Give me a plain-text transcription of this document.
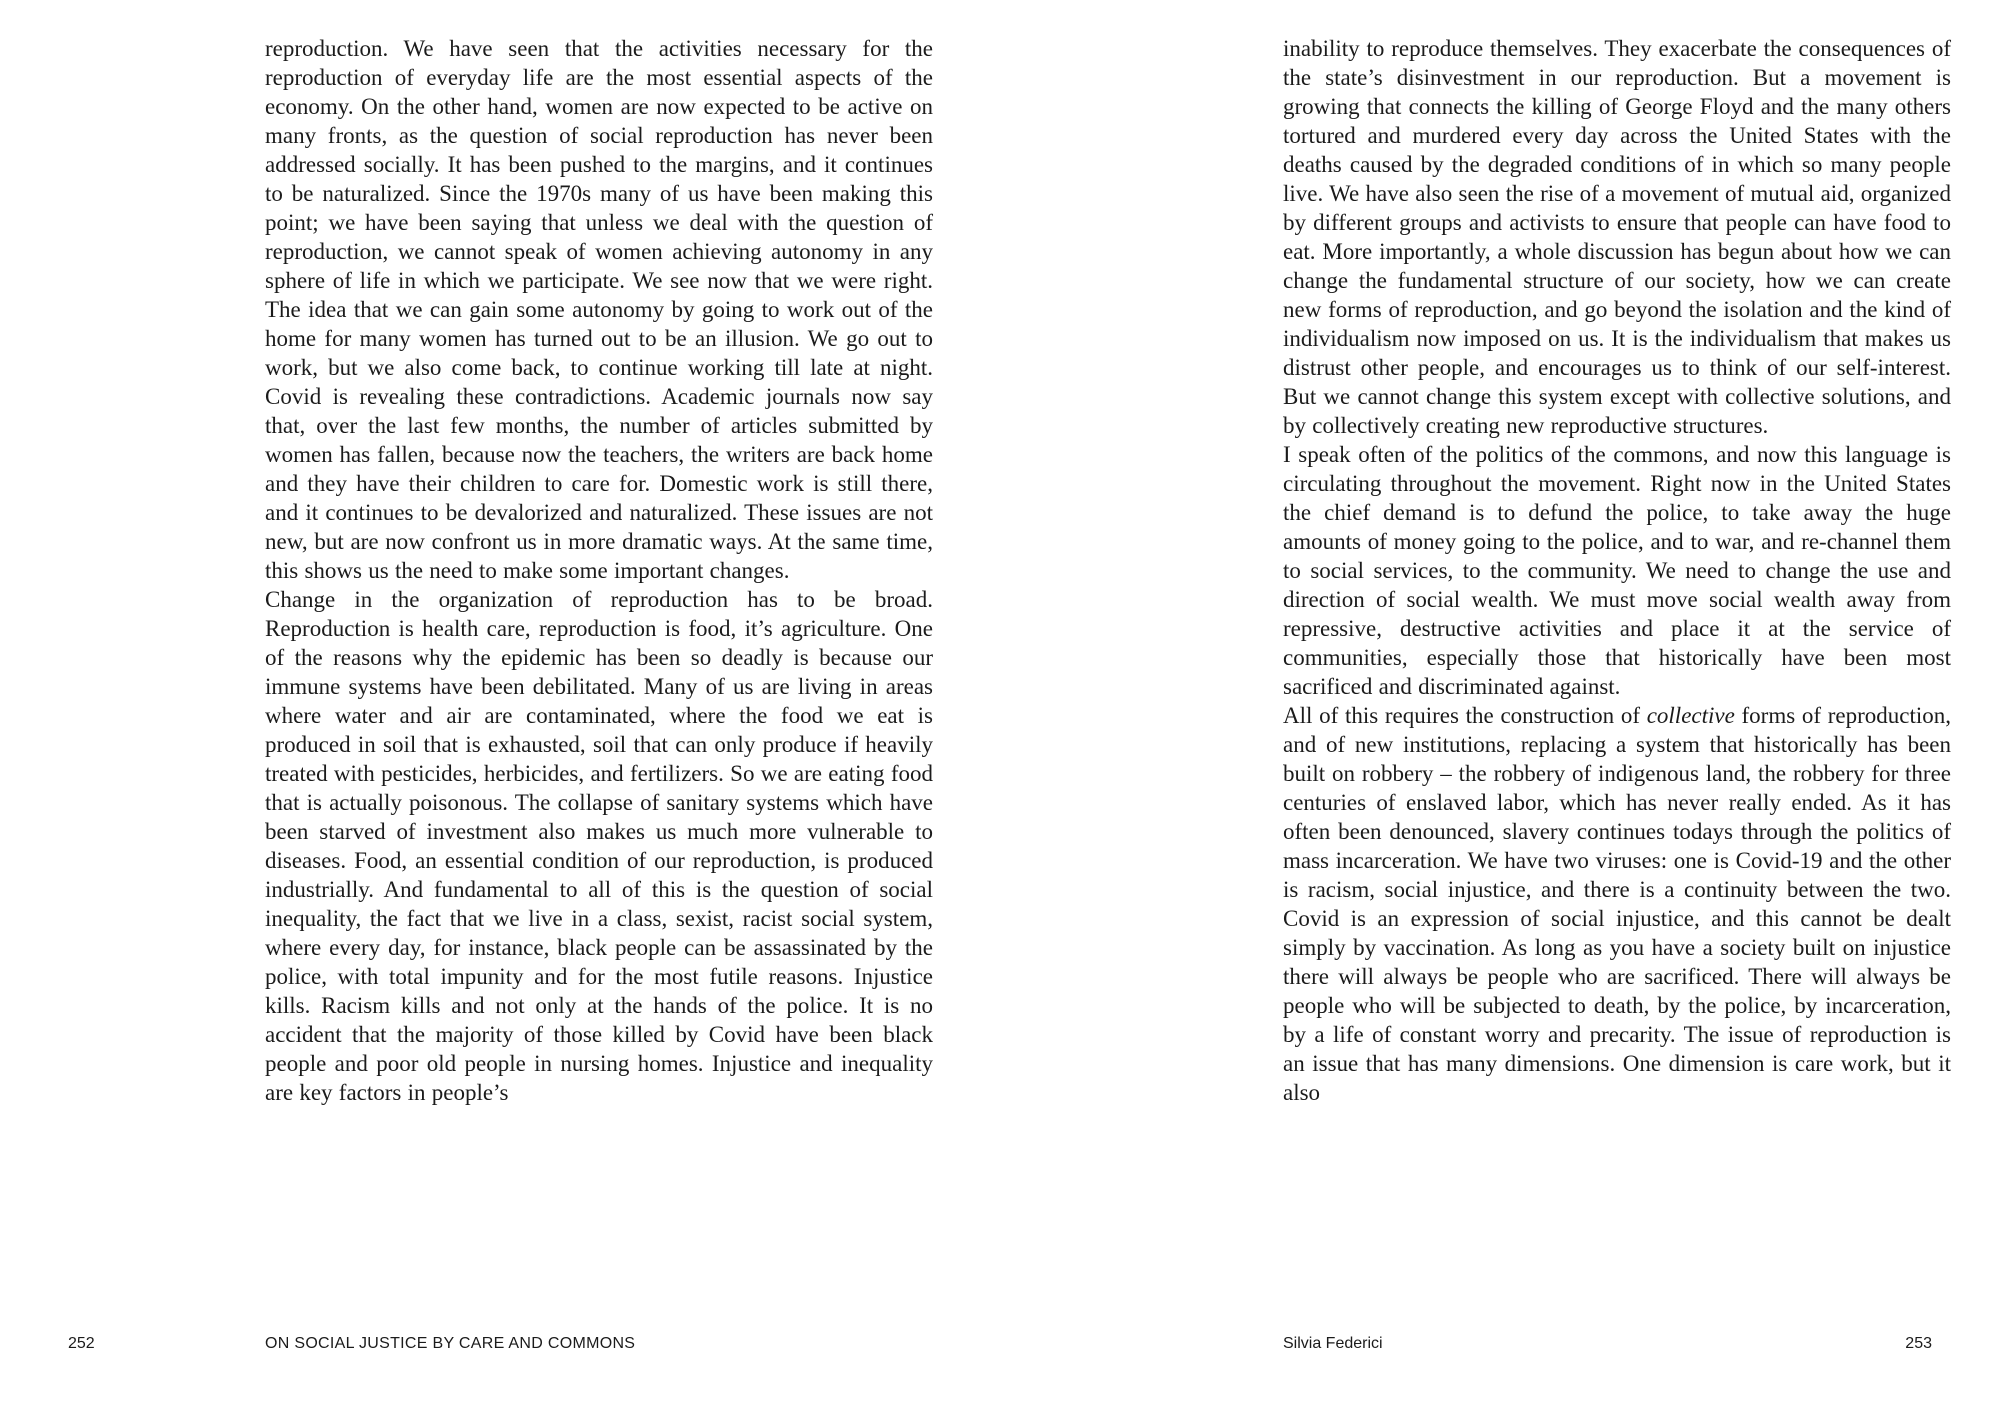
reproduction. We have seen that the activities necessary for the reproduction of everyday life are the most essential aspects of the economy. On the other hand, women are now expected to be active on many fronts, as the question of social reproduction has never been addressed socially. It has been pushed to the margins, and it continues to be naturalized. Since the 1970s many of us have been making this point; we have been saying that unless we deal with the question of reproduction, we cannot speak of women achieving autonomy in any sphere of life in which we participate. We see now that we were right. The idea that we can gain some autonomy by going to work out of the home for many women has turned out to be an illusion. We go out to work, but we also come back, to continue working till late at night. Covid is revealing these contradictions. Academic journals now say that, over the last few months, the number of articles submitted by women has fallen, because now the teachers, the writers are back home and they have their children to care for. Domestic work is still there, and it continues to be devalorized and naturalized. These issues are not new, but are now confront us in more dramatic ways. At the same time, this shows us the need to make some important changes.

Change in the organization of reproduction has to be broad. Reproduction is health care, reproduction is food, it’s agriculture. One of the reasons why the epidemic has been so deadly is because our immune systems have been debilitated. Many of us are living in areas where water and air are contaminated, where the food we eat is produced in soil that is exhausted, soil that can only produce if heavily treated with pesticides, herbicides, and fertilizers. So we are eating food that is actually poisonous. The collapse of sanitary systems which have been starved of investment also makes us much more vulnerable to diseases. Food, an essential condition of our reproduction, is produced industrially. And fundamental to all of this is the question of social inequality, the fact that we live in a class, sexist, racist social system, where every day, for instance, black people can be assassinated by the police, with total impunity and for the most futile reasons. Injustice kills. Racism kills and not only at the hands of the police. It is no accident that the majority of those killed by Covid have been black people and poor old people in nursing homes. Injustice and inequality are key factors in people’s

inability to reproduce themselves. They exacerbate the consequences of the state’s disinvestment in our reproduction. But a movement is growing that connects the killing of George Floyd and the many others tortured and murdered every day across the United States with the deaths caused by the degraded conditions of in which so many people live. We have also seen the rise of a movement of mutual aid, organized by different groups and activists to ensure that people can have food to eat. More importantly, a whole discussion has begun about how we can change the fundamental structure of our society, how we can create new forms of reproduction, and go beyond the isolation and the kind of individualism now imposed on us. It is the individualism that makes us distrust other people, and encourages us to think of our self-interest. But we cannot change this system except with collective solutions, and by collectively creating new reproductive structures.

I speak often of the politics of the commons, and now this language is circulating throughout the movement. Right now in the United States the chief demand is to defund the police, to take away the huge amounts of money going to the police, and to war, and re-channel them to social services, to the community. We need to change the use and direction of social wealth. We must move social wealth away from repressive, destructive activities and place it at the service of communities, especially those that historically have been most sacrificed and discriminated against.

All of this requires the construction of collective forms of reproduction, and of new institutions, replacing a system that historically has been built on robbery – the robbery of indigenous land, the robbery for three centuries of enslaved labor, which has never really ended. As it has often been denounced, slavery continues todays through the politics of mass incarceration. We have two viruses: one is Covid-19 and the other is racism, social injustice, and there is a continuity between the two. Covid is an expression of social injustice, and this cannot be dealt simply by vaccination. As long as you have a society built on injustice there will always be people who are sacrificed. There will always be people who will be subjected to death, by the police, by incarceration, by a life of constant worry and precarity. The issue of reproduction is an issue that has many dimensions. One dimension is care work, but it also

252	ON SOCIAL JUSTICE BY CARE AND COMMONS	Silvia Federici	253
